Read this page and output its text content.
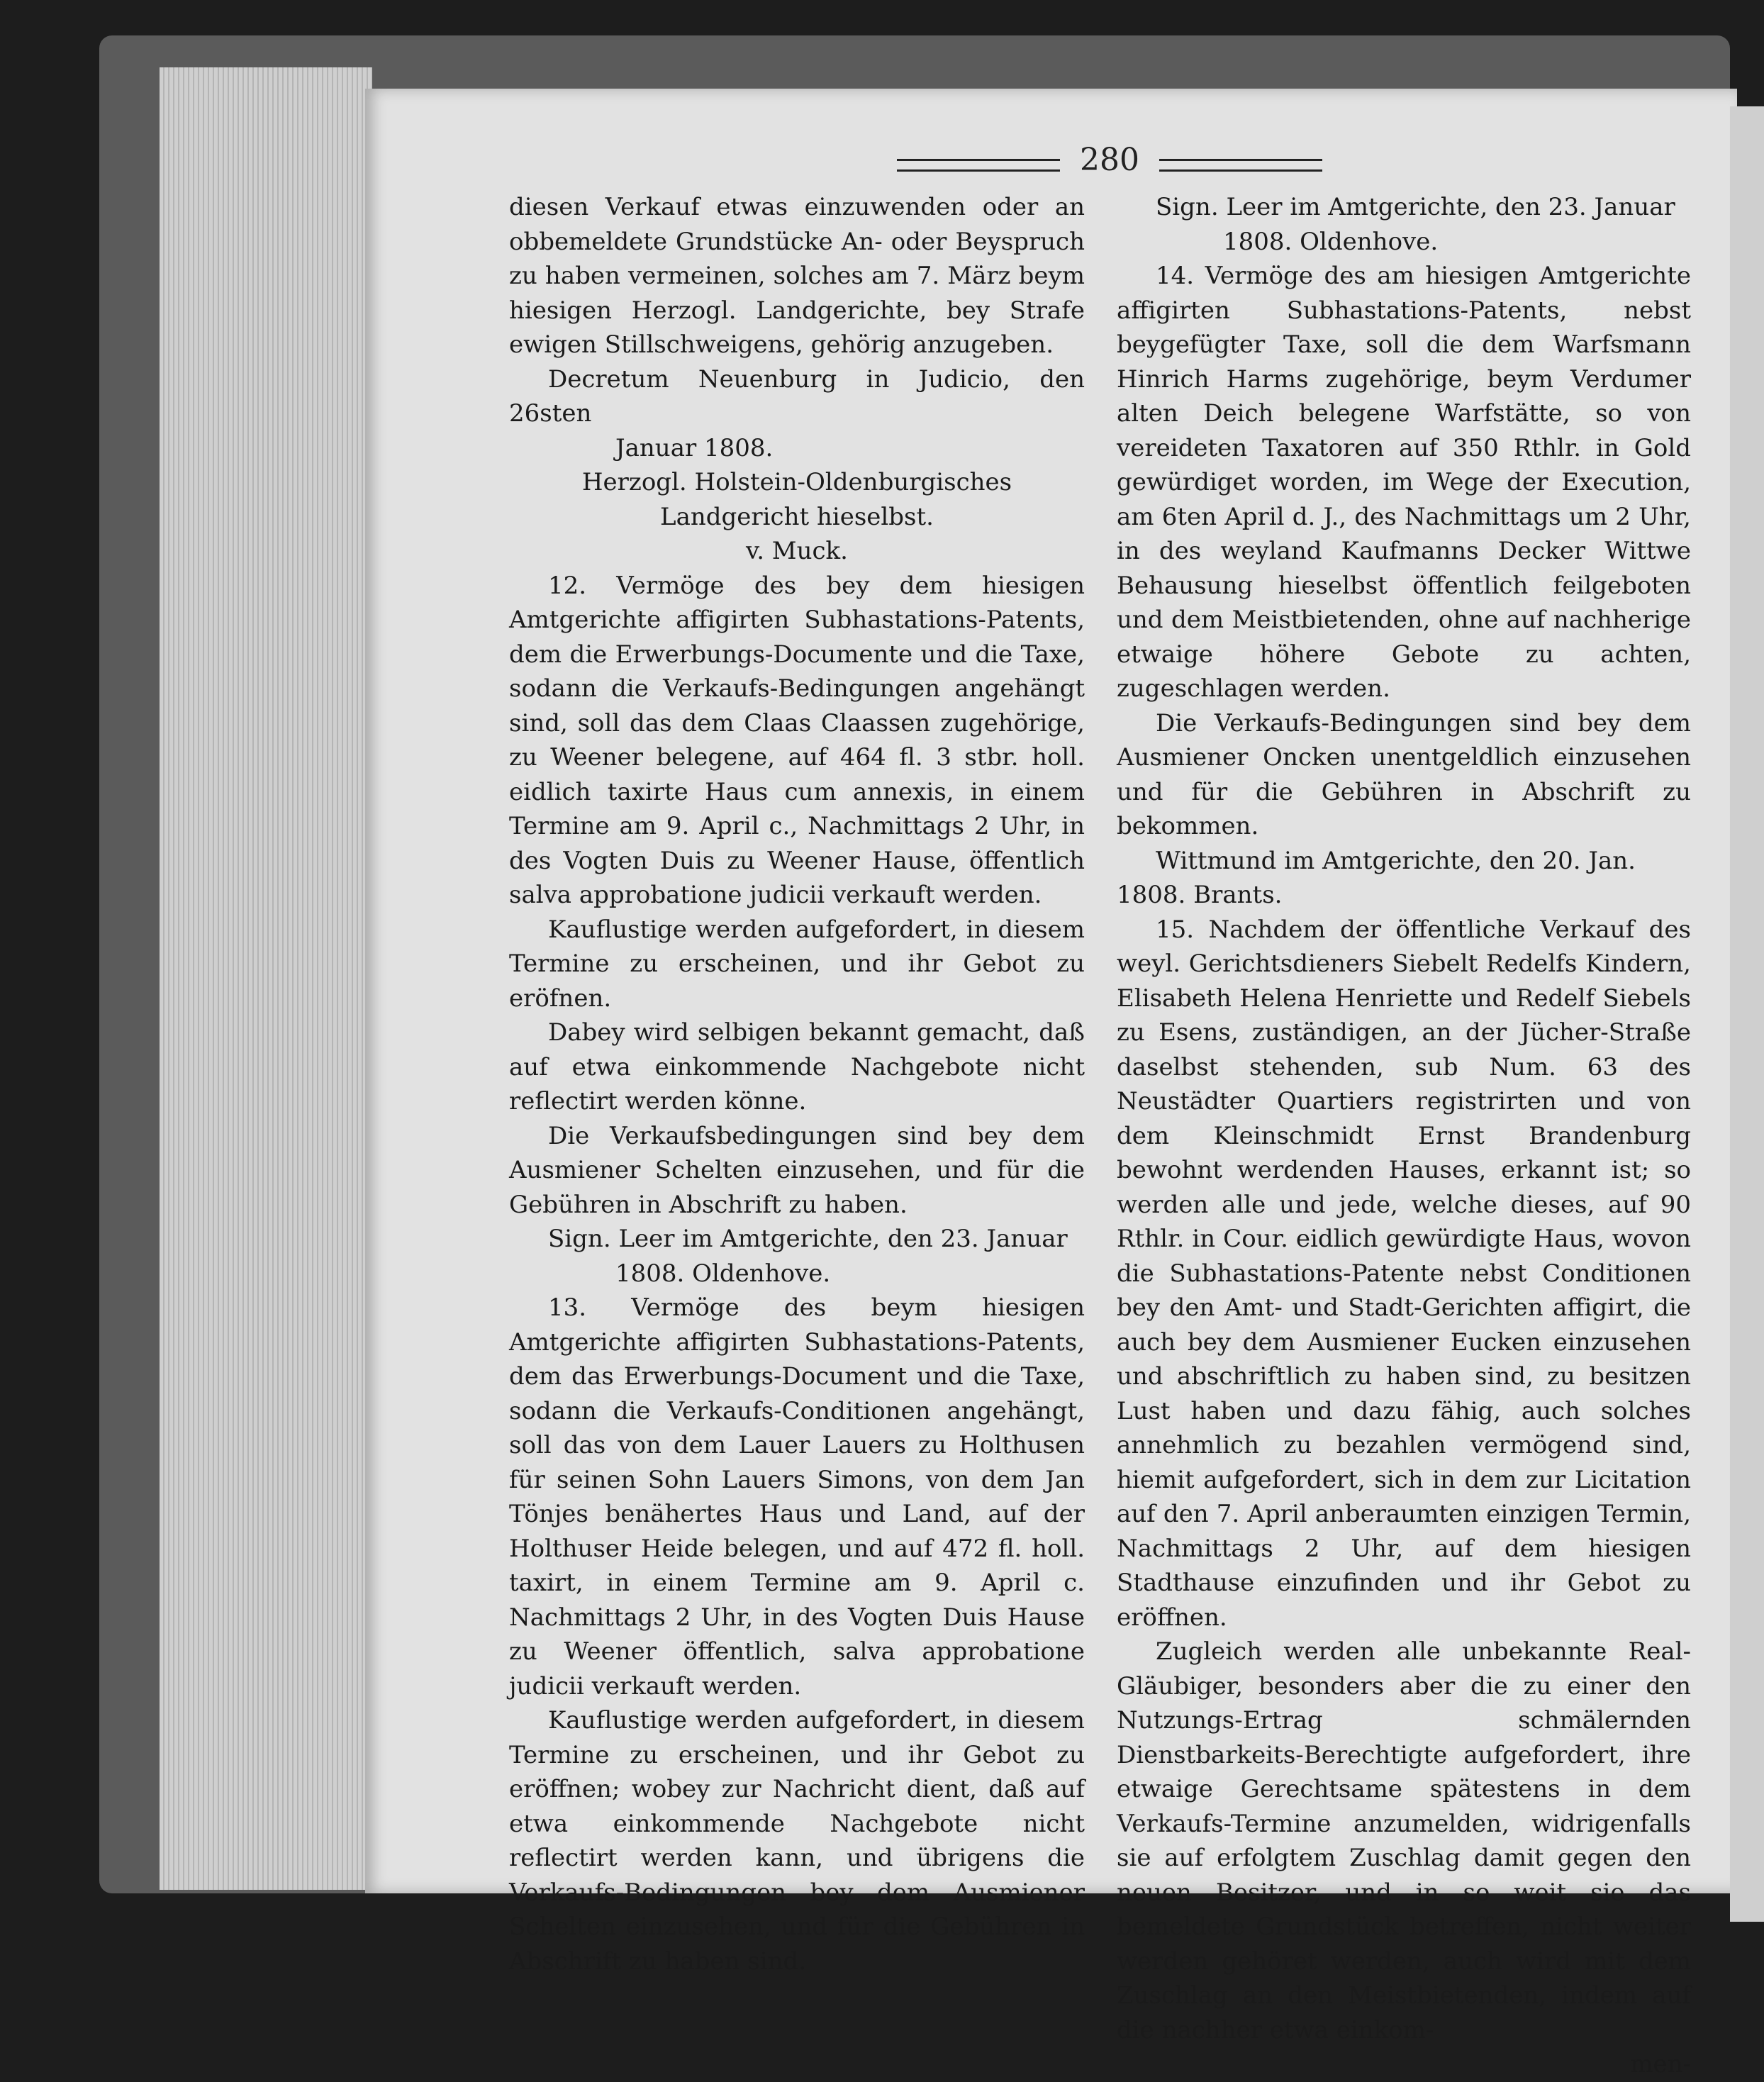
280

diesen Verkauf etwas einzuwenden oder an obbemeldete Grundstücke An- oder Beyspruch zu haben vermeinen, solches am 7. März beym hiesigen Herzogl. Landgerichte, bey Strafe ewigen Stillschweigens, gehörig anzugeben.

Decretum Neuenburg in Judicio, den 26sten

Januar 1808.

Herzogl. Holstein-Oldenburgisches Landgericht hieselbst.

v. Muck.

12. Vermöge des bey dem hiesigen Amtgerichte affigirten Subhastations-Patents, dem die Erwerbungs-Documente und die Taxe, sodann die Verkaufs-Bedingungen angehängt sind, soll das dem Claas Claassen zugehörige, zu Weener belegene, auf 464 fl. 3 stbr. holl. eidlich taxirte Haus cum annexis, in einem Termine am 9. April c., Nachmittags 2 Uhr, in des Vogten Duis zu Weener Hause, öffentlich salva approbatione judicii verkauft werden.

Kauflustige werden aufgefordert, in diesem Termine zu erscheinen, und ihr Gebot zu eröfnen.

Dabey wird selbigen bekannt gemacht, daß auf etwa einkommende Nachgebote nicht reflectirt werden könne.

Die Verkaufsbedingungen sind bey dem Ausmiener Schelten einzusehen, und für die Gebühren in Abschrift zu haben.

Sign. Leer im Amtgerichte, den 23. Januar

1808. Oldenhove.

13. Vermöge des beym hiesigen Amtgerichte affigirten Subhastations-Patents, dem das Erwerbungs-Document und die Taxe, sodann die Verkaufs-Conditionen angehängt, soll das von dem Lauer Lauers zu Holthusen für seinen Sohn Lauers Simons, von dem Jan Tönjes benähertes Haus und Land, auf der Holthuser Heide belegen, und auf 472 fl. holl. taxirt, in einem Termine am 9. April c. Nachmittags 2 Uhr, in des Vogten Duis Hause zu Weener öffentlich, salva approbatione judicii verkauft werden.

Kauflustige werden aufgefordert, in diesem Termine zu erscheinen, und ihr Gebot zu eröffnen; wobey zur Nachricht dient, daß auf etwa einkommende Nachgebote nicht reflectirt werden kann, und übrigens die Verkaufs-Bedingungen bey dem Ausmiener Schelten einzusehen, und für die Gebühren in Abschrift zu haben sind.

Sign. Leer im Amtgerichte, den 23. Januar

1808. Oldenhove.

14. Vermöge des am hiesigen Amtgerichte affigirten Subhastations-Patents, nebst beygefügter Taxe, soll die dem Warfsmann Hinrich Harms zugehörige, beym Verdumer alten Deich belegene Warfstätte, so von vereideten Taxatoren auf 350 Rthlr. in Gold gewürdiget worden, im Wege der Execution, am 6ten April d. J., des Nachmittags um 2 Uhr, in des weyland Kaufmanns Decker Wittwe Behausung hieselbst öffentlich feilgeboten und dem Meistbietenden, ohne auf nachherige etwaige höhere Gebote zu achten, zugeschlagen werden.

Die Verkaufs-Bedingungen sind bey dem Ausmiener Oncken unentgeldlich einzusehen und für die Gebühren in Abschrift zu bekommen.

Wittmund im Amtgerichte, den 20. Jan.

1808. Brants.

15. Nachdem der öffentliche Verkauf des weyl. Gerichtsdieners Siebelt Redelfs Kindern, Elisabeth Helena Henriette und Redelf Siebels zu Esens, zuständigen, an der Jücher-Straße daselbst stehenden, sub Num. 63 des Neustädter Quartiers registrirten und von dem Kleinschmidt Ernst Brandenburg bewohnt werdenden Hauses, erkannt ist; so werden alle und jede, welche dieses, auf 90 Rthlr. in Cour. eidlich gewürdigte Haus, wovon die Subhastations-Patente nebst Conditionen bey den Amt- und Stadt-Gerichten affigirt, die auch bey dem Ausmiener Eucken einzusehen und abschriftlich zu haben sind, zu besitzen Lust haben und dazu fähig, auch solches annehmlich zu bezahlen vermögend sind, hiemit aufgefordert, sich in dem zur Licitation auf den 7. April anberaumten einzigen Termin, Nachmittags 2 Uhr, auf dem hiesigen Stadthause einzufinden und ihr Gebot zu eröffnen.

Zugleich werden alle unbekannte Real-Gläubiger, besonders aber die zu einer den Nutzungs-Ertrag schmälernden Dienstbarkeits-Berechtigte aufgefordert, ihre etwaige Gerechtsame spätestens in dem Verkaufs-Termine anzumelden, widrigenfalls sie auf erfolgtem Zuschlag damit gegen den neuen Besitzer, und in so weit sie das bemeldete Grundstück betreffen, nicht weiter werden gehöret werden, auch wird mit dem Zuschlag an den Meistbietenden, indem auf die nachher etwa einkom-

men-
